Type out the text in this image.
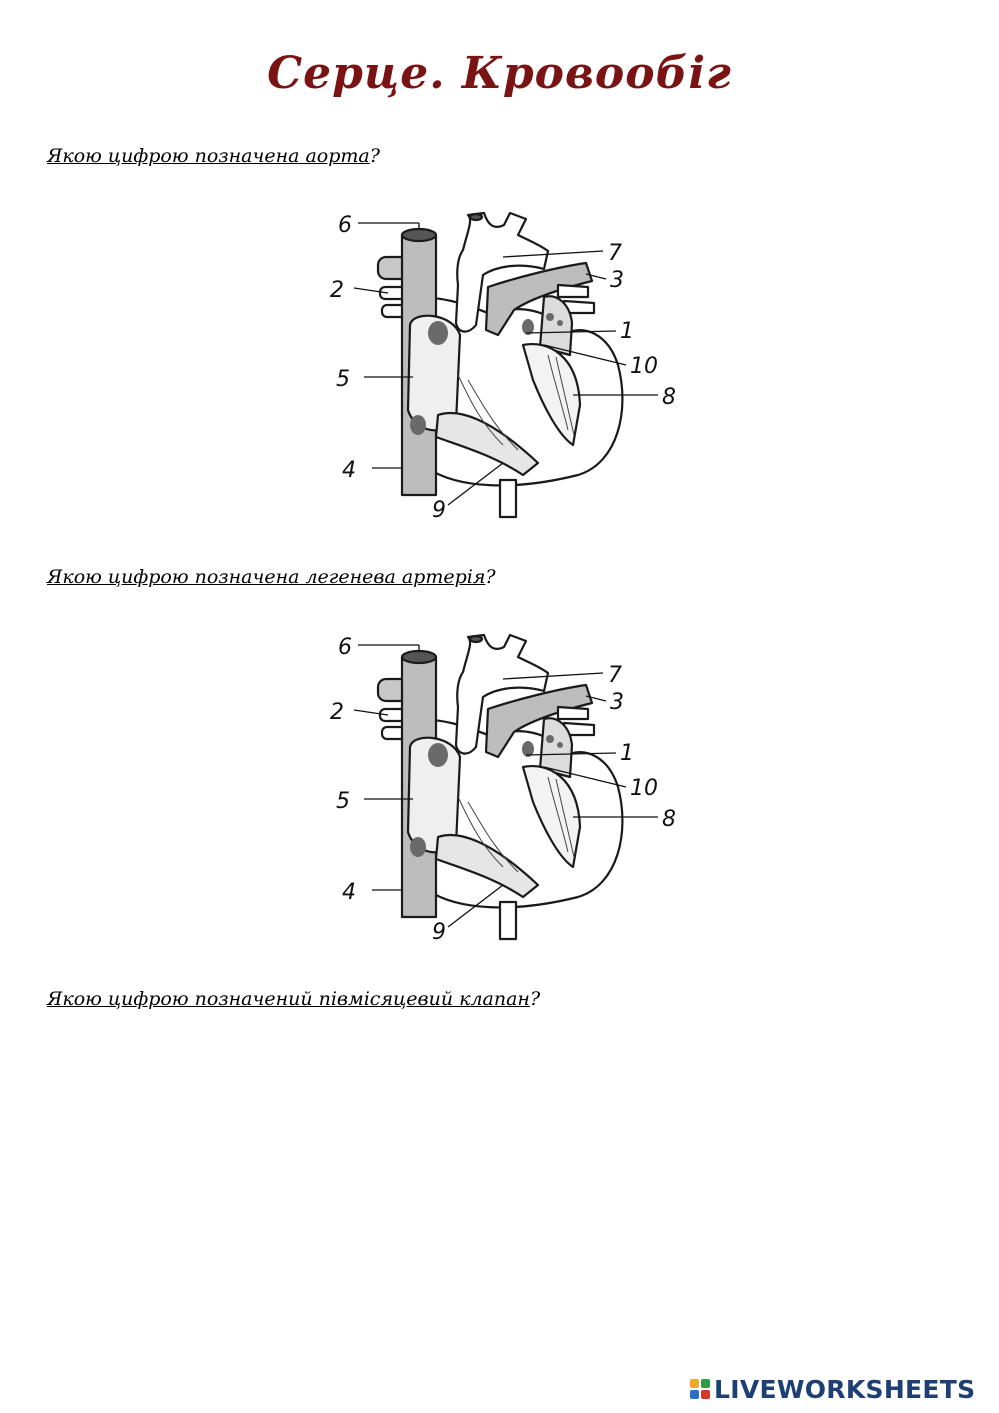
Серце. Кровообіг

Якою цифрою позначена аорта?

6
7
2	3
1
10
5
8
4
9

Якою цифрою позначена легенева артерія?

6
7
2	3
1
10
5
8
4
9

Якою цифрою позначений півмісяцевий клапан?

LIVEWORKSHEETS
